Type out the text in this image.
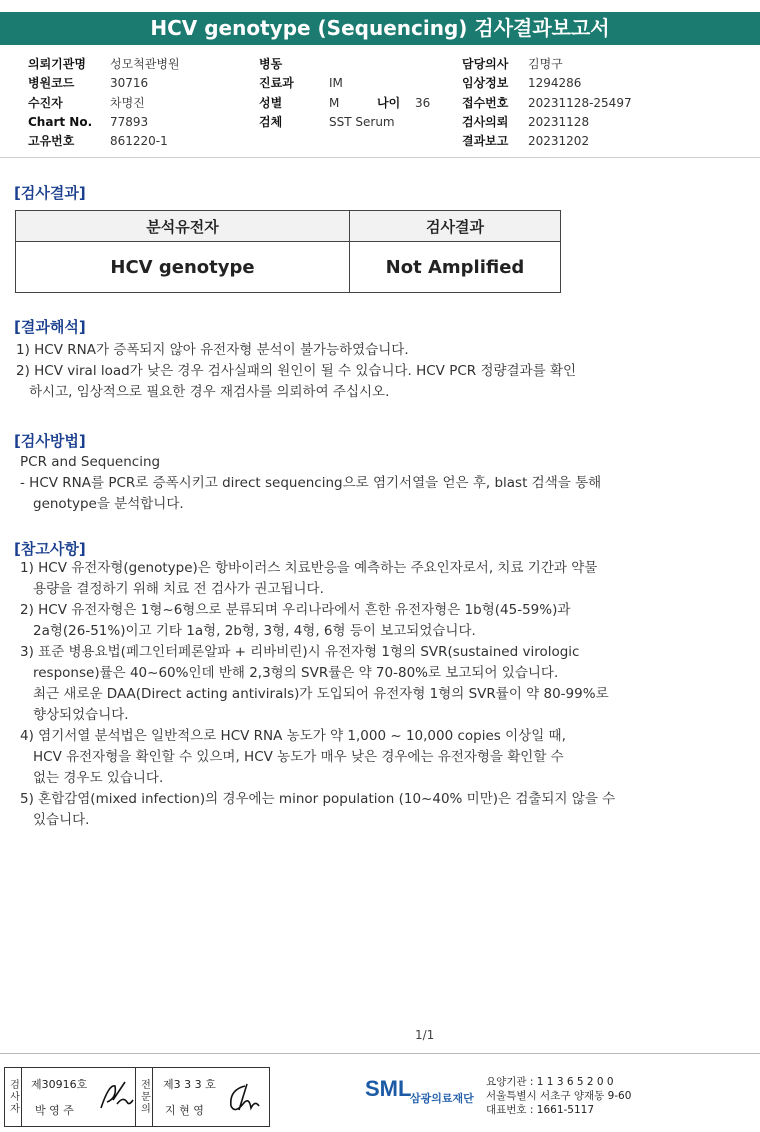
HCV genotype (Sequencing) 검사결과보고서
의뢰기관명	성모척관병원
병원코드	30716
수진자	차명진
Chart No.	77893
고유번호	861220-1
병동
진료과	IM
성별	M	나이	36
검체	SST Serum
담당의사	김명구
임상정보	1294286
접수번호	20231128-25497
검사의뢰	20231128
결과보고	20231202
[검사결과]
분석유전자	검사결과
HCV genotype	Not Amplified
[결과해석]
1) HCV RNA가 증폭되지 않아 유전자형 분석이 불가능하였습니다.
2) HCV viral load가 낮은 경우 검사실패의 원인이 될 수 있습니다. HCV PCR 정량결과를 확인
하시고, 임상적으로 필요한 경우 재검사를 의뢰하여 주십시오.
[검사방법]
PCR and Sequencing
- HCV RNA를 PCR로 증폭시키고 direct sequencing으로 염기서열을 얻은 후, blast 검색을 통해
genotype을 분석합니다.
[참고사항]
1) HCV 유전자형(genotype)은 항바이러스 치료반응을 예측하는 주요인자로서, 치료 기간과 약물
용량을 결정하기 위해 치료 전 검사가 권고됩니다.
2) HCV 유전자형은 1형~6형으로 분류되며 우리나라에서 흔한 유전자형은 1b형(45-59%)과
2a형(26-51%)이고 기타 1a형, 2b형, 3형, 4형, 6형 등이 보고되었습니다.
3) 표준 병용요법(페그인터페론알파 + 리바비린)시 유전자형 1형의 SVR(sustained virologic
response)률은 40~60%인데 반해 2,3형의 SVR률은 약 70-80%로 보고되어 있습니다.
최근 새로운 DAA(Direct acting antivirals)가 도입되어 유전자형 1형의 SVR률이 약 80-99%로
향상되었습니다.
4) 염기서열 분석법은 일반적으로 HCV RNA 농도가 약 1,000 ~ 10,000 copies 이상일 때,
HCV 유전자형을 확인할 수 있으며, HCV 농도가 매우 낮은 경우에는 유전자형을 확인할 수
없는 경우도 있습니다.
5) 혼합감염(mixed infection)의 경우에는 minor population (10~40% 미만)은 검출되지 않을 수
있습니다.
1/1
검사자 제30916호
박 영 주	전문의 제3 3 3 호
지 현 영
SML
삼광의료재단
요양기관 : 1 1 3 6 5 2 0 0
서울특별시 서초구 양재동 9-60
대표번호 : 1661-5117
